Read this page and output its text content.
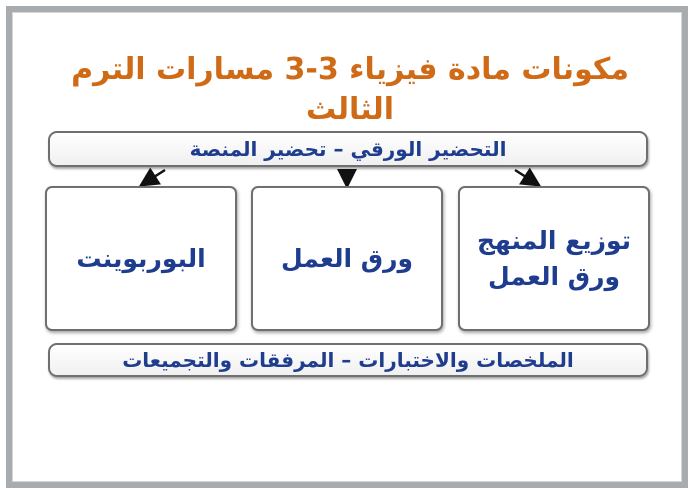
مكونات مادة فيزياء 3-3 مسارات الترم الثالث
التحضير الورقي – تحضير المنصة
توزيع المنهج
ورق العمل
ورق العمل
البوربوينت
الملخصات والاختبارات – المرفقات والتجميعات
